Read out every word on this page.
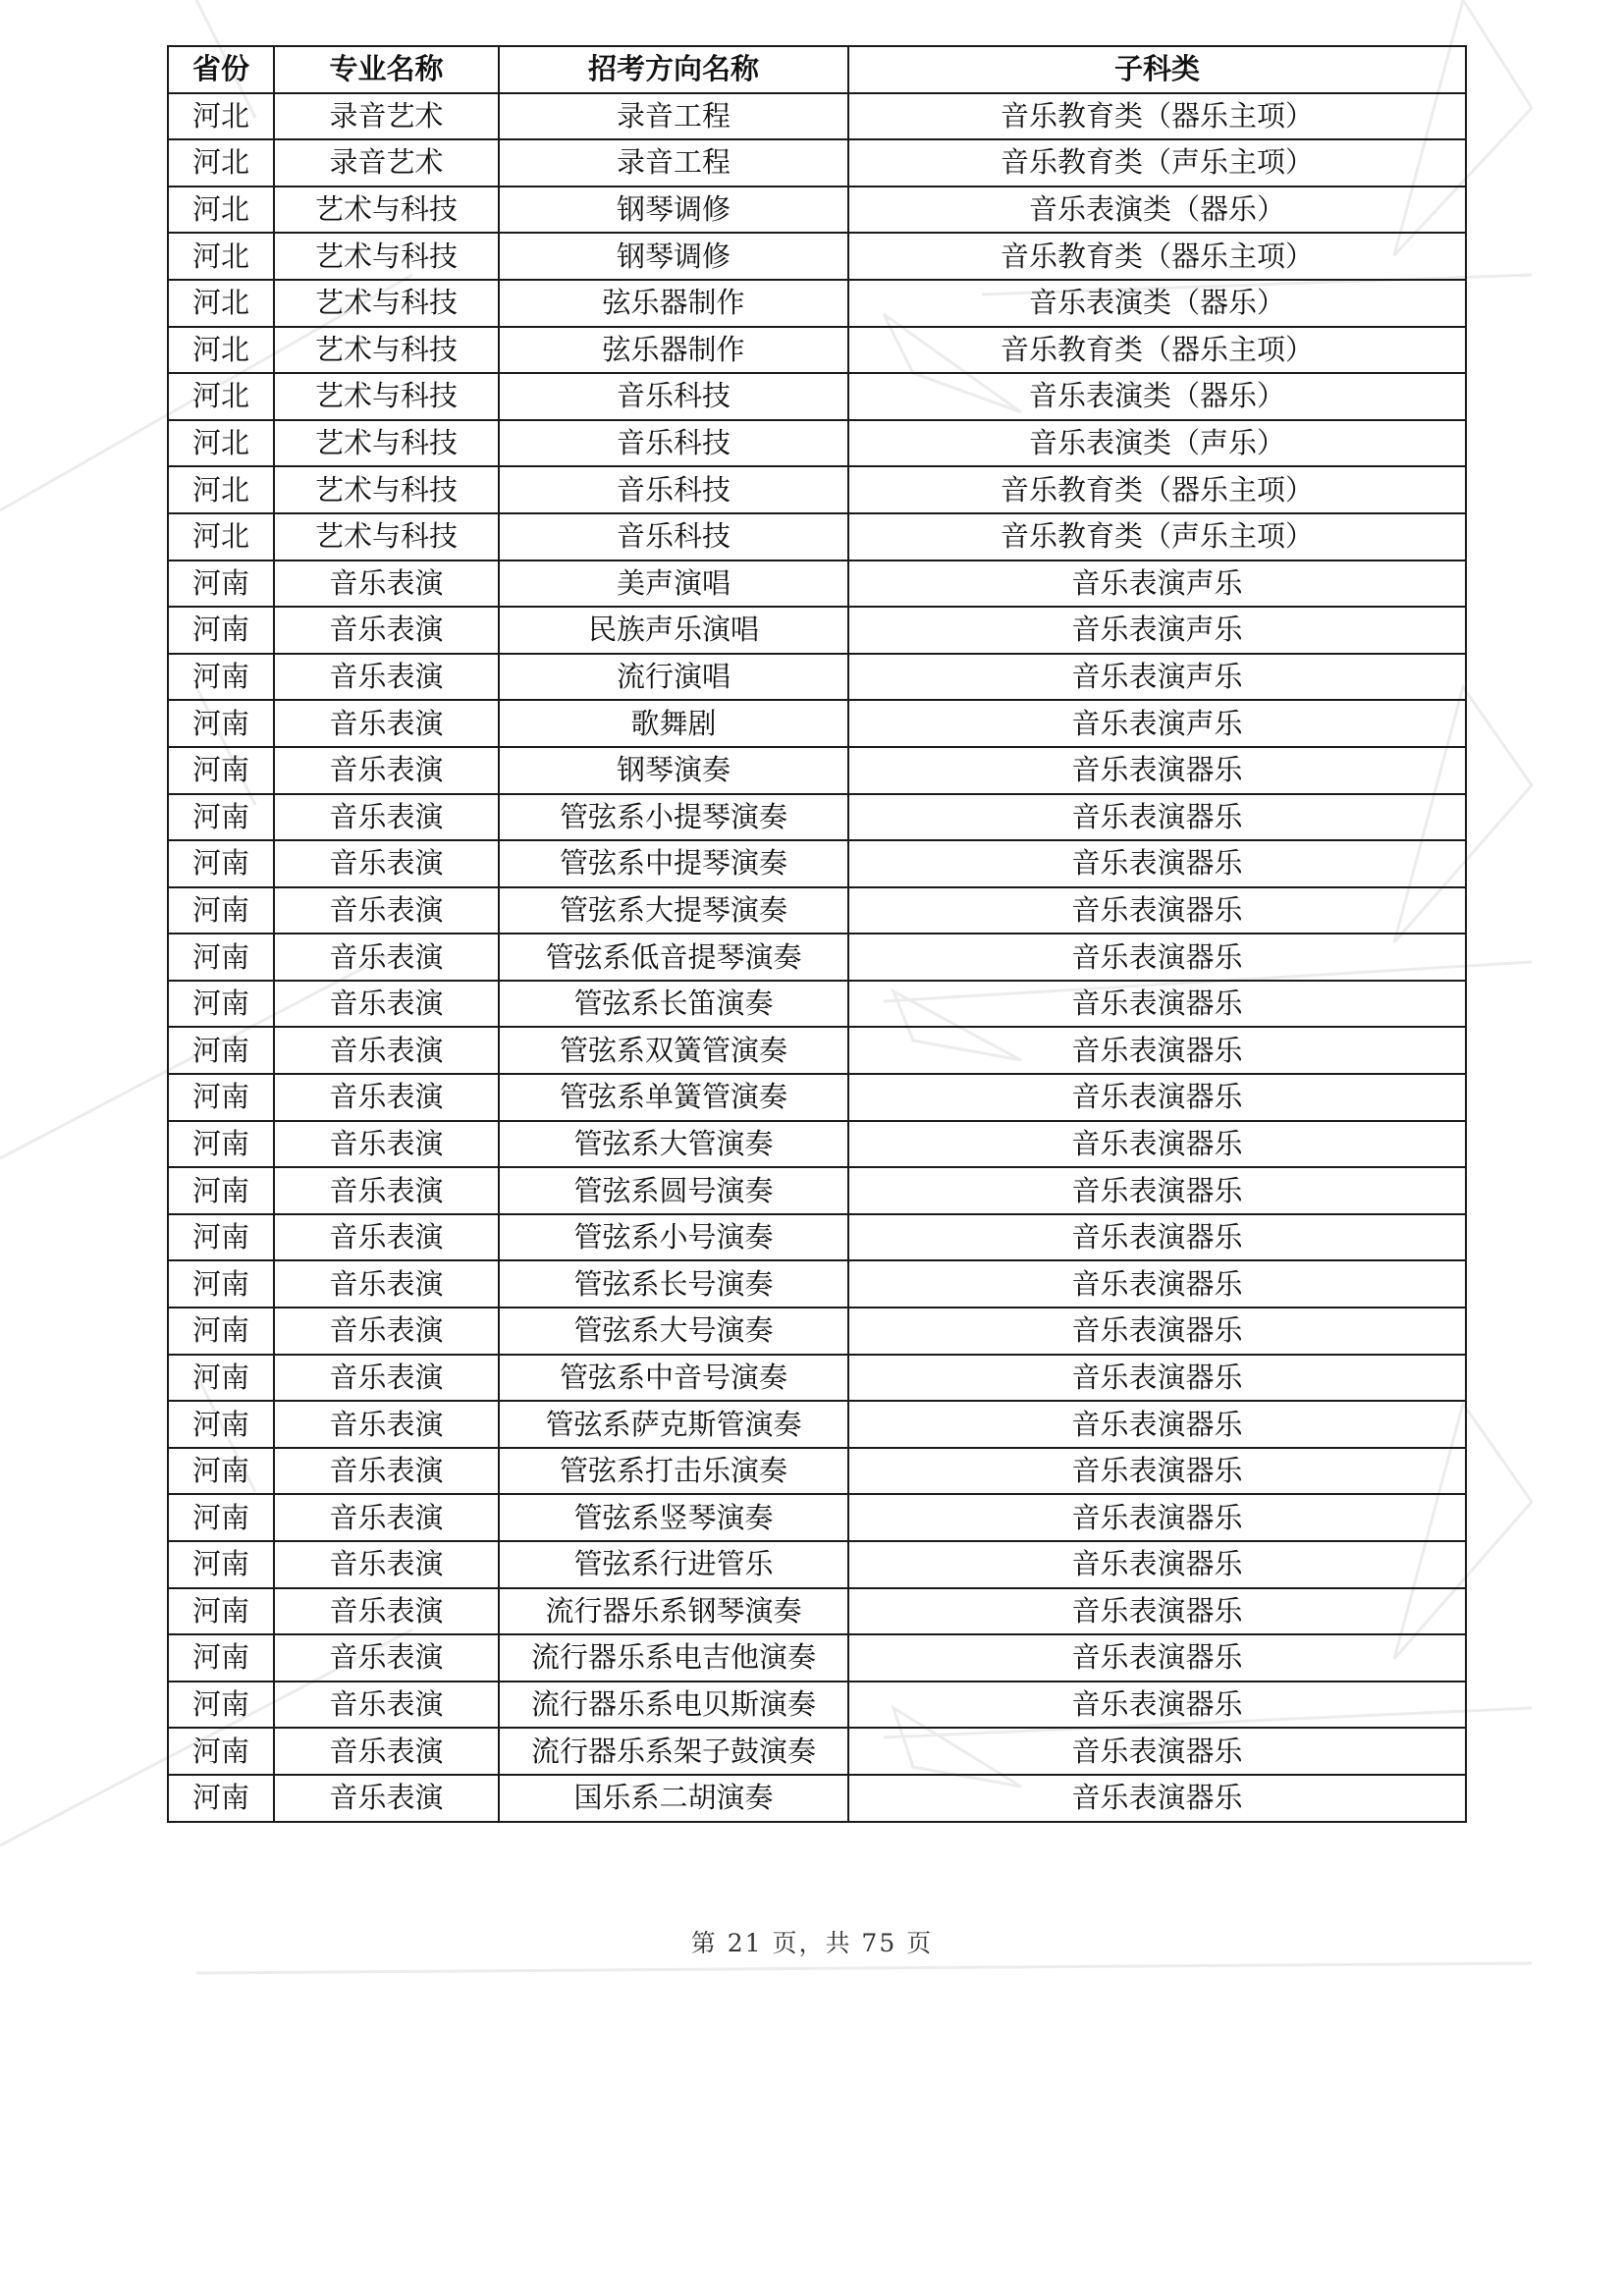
省份	专业名称	招考方向名称	子科类
河北	录音艺术	录音工程	音乐教育类（器乐主项）
河北	录音艺术	录音工程	音乐教育类（声乐主项）
河北	艺术与科技	钢琴调修	音乐表演类（器乐）
河北	艺术与科技	钢琴调修	音乐教育类（器乐主项）
河北	艺术与科技	弦乐器制作	音乐表演类（器乐）
河北	艺术与科技	弦乐器制作	音乐教育类（器乐主项）
河北	艺术与科技	音乐科技	音乐表演类（器乐）
河北	艺术与科技	音乐科技	音乐表演类（声乐）
河北	艺术与科技	音乐科技	音乐教育类（器乐主项）
河北	艺术与科技	音乐科技	音乐教育类（声乐主项）
河南	音乐表演	美声演唱	音乐表演声乐
河南	音乐表演	民族声乐演唱	音乐表演声乐
河南	音乐表演	流行演唱	音乐表演声乐
河南	音乐表演	歌舞剧	音乐表演声乐
河南	音乐表演	钢琴演奏	音乐表演器乐
河南	音乐表演	管弦系小提琴演奏	音乐表演器乐
河南	音乐表演	管弦系中提琴演奏	音乐表演器乐
河南	音乐表演	管弦系大提琴演奏	音乐表演器乐
河南	音乐表演	管弦系低音提琴演奏	音乐表演器乐
河南	音乐表演	管弦系长笛演奏	音乐表演器乐
河南	音乐表演	管弦系双簧管演奏	音乐表演器乐
河南	音乐表演	管弦系单簧管演奏	音乐表演器乐
河南	音乐表演	管弦系大管演奏	音乐表演器乐
河南	音乐表演	管弦系圆号演奏	音乐表演器乐
河南	音乐表演	管弦系小号演奏	音乐表演器乐
河南	音乐表演	管弦系长号演奏	音乐表演器乐
河南	音乐表演	管弦系大号演奏	音乐表演器乐
河南	音乐表演	管弦系中音号演奏	音乐表演器乐
河南	音乐表演	管弦系萨克斯管演奏	音乐表演器乐
河南	音乐表演	管弦系打击乐演奏	音乐表演器乐
河南	音乐表演	管弦系竖琴演奏	音乐表演器乐
河南	音乐表演	管弦系行进管乐	音乐表演器乐
河南	音乐表演	流行器乐系钢琴演奏	音乐表演器乐
河南	音乐表演	流行器乐系电吉他演奏	音乐表演器乐
河南	音乐表演	流行器乐系电贝斯演奏	音乐表演器乐
河南	音乐表演	流行器乐系架子鼓演奏	音乐表演器乐
河南	音乐表演	国乐系二胡演奏	音乐表演器乐
第 21 页，共 75 页
